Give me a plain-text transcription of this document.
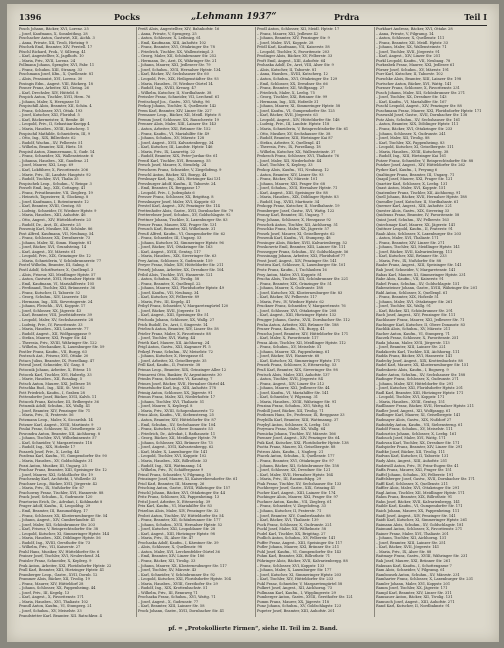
1396	Pocks	„Lehmann 1937“	Prdra	Teil I
Posch Johann, Bäcker, XVI, Lorenz. 25
– Josef, Kaufmann, X, Sonnleithng. 28
Poschacher Anton, Gastwirt, XII, Aichh. 3
– Anna, Private, XII, Tivoli, Hietzing 9
Pöschek Emil, Beamter, XIV, Ferstell. 17
Pöschl Richard, Prok., V, Sillerng. 41
– Karl, Angestellter, X, Jagdhofs. 10
– Maria, Priv., XVII, Lorenz. 24
Pollmann Johann, Spengler, XVI, Fabr. 11
– Franz, Schuhm. XIII, Stranzg. 33
Poschmann Josef, Kfm., X, Quellenstr. 81
– Alois, Pensionist, XVI, Lorenz. 30
Posingis Edm., Angest. VIII, Bäckerg. 18
Posner Franz, Arbeiter, XII, Gieing. 26
– Karl, Drechsler, XIV, Hütteld. 8
Pospich Anton, Tischler, XVII, Hern. 76
– Johann, Maler, X, Herzgasse 15
Pospischill Alois, Beamter, XII, Schön. 4
– Franz, Schlosser, XVI, Ottak. 193
– Josef, Kutscher, XXI, Floridsd. 5
– Karl, Bäckermeister, II, Rembr. 40
– Leopold, Priv., II, Sebastian-Kneipp 4
– Maria, Hausbes., XVIII, Kutscherg. 1
Pospischil Mathilde, Schneiderin, III, 9
– Otto, Ing., XIX, Billrothstr. 62
– Rudolf, Wachm., XV, Felberstr. 51
– Wilhelm, Beamter, XIII, Hietz. 18
Pospisil Anton, Zimmermann, X, Gudr. 14
– Franz, Schneider, XX, Wallensteinstr. 6
– Johanna, Hausbes., XII, Gaudenz. 21
– Josef, Maurer, XXI, Leop. 69
– Karl, Lokführer, X, Favoritenstr. 206
– Marie, Priv., III, Landstr. Hauptstr. 92
– Rudolf, Tischler, XVI, Thalia 35
Pospischek Leop., Schuhm., V, Reinpr. 3
Posselt Emil, Ing., XIX, Cottageg. 41
– Franz, Privatbeamter, VII, Zieglerg. 19
– Heinrich, Tapezierer, II, Glockeng. 8
– Josef, Kaufmann, I, Rotenturmstr. 12
– Karl, Beamter, XVIII, Gentzg. 85
– Ludwig, Schneider, IV, Wiedner Hptstr. 9
– Maria, Hausbes., XIII, Auhofstr. 46
– Otto, Angest., XIV, Hütteldorferstr. 23
– Rudolf, Dr., Arzt, IX, Alserstr. 25
Possenig Karl, Musiker, XII, Schönbr. 86
Post Alfred, Kaufmann, VII, Neubaug. 54
– Franz, Schlosser, XX, Dresdnerstr. 73
– Johann, Maler, XI, Simm. Hauptstr. 81
– Josef, Bäcker, XVI, Grundsteing. 14
– Karl, Angest., XV, Märzstr. 61
– Leopold, Priv., XIX, Grinzinger Str. 12
– Maria, Schneiderin, V, Schönbrunnerstr. 77
Postel Wilhelm, Beamter, III, Salmg. 6
Postl Adolf, Schriftsetzer, X, Quellenpl. 3
– Alois, Friseur, XII, Meidlinger Hptstr. 57
– Anton, Gastwirt, XVII, Hernalser Hptstr. 88
– Emil, Kaufmann, VI, Mariahilferstr. 105
– Ferdinand, Tischler, XXI, Brünnerstr. 36
– Franz, Kutscher, II, Taborstr. 52
– Georg, Schuhm., XIV, Linzerstr. 140
– Hermann, Ing., XIX, Sieveringerstr. 24
– Johann, Fleischh., XVI, Koppstr. 17
– Josef, Schlosser, XX, Jägerstr. 43
– Karl, Beamter, VIII, Josefstädterstr. 39
– Leopold, Maler, XV, Sechshauserstr. 28
– Ludwig, Priv., IV, Favoritenstr. 33
– Maria, Hausbes., XIII, Lainzerstr. 77
– Rudolf, Angest., XII, Wolfganggasse 9
– Stefan, Maurer, XXI, Prager Str. 44
– Theresia, Priv., XVIII, Währinger Str. 122
– Wilhelm, Mechaniker, X, Laxenburger Str. 59
Postler Franz, Kaufm., VII, Burgg. 63
Postrach Ant., Friseur, XVI, Ottakr. 20
Potacs Julius, Beamter, IX, Porzellang. 47
Potesil Josef, Schneider, XV, Gasg. 8
Potocnik Johann, Arbeiter, X, Ettenr. 15
Potocek Karl, Tischler, XVI, Haberlg. 33
– Marie, Hausbes., XII, Rosaliag. 5
Potsch Anton, Maurer, XXI, Jedlesee 18
Potschka Rud., Ing., XIII, St. Veit 62
Pott Friedrich, Kaufm., I, Graben 28
Pottendorfer Josef, Bäcker, XVII, Kalvb. 11
Potucek Franz, Kutscher, III, Erdbergstr. 36
Potuznik Adolf, Schuhm., XX, Wallg. 41
– Josef, Beamter, XIV, Penzinger Str. 71
– Maria, Priv., II, Praterstr. 56
Potzmann Leop., Maler, X, Siccardsb. 14
Potzner Karl, Angest., XVIII, Martinstr. 9
Poulai Franz, Schlosser, XI, Geiselbergstr. 23
Powondra Anton, Beamter, XII, Aichhorng. 8
– Johann, Tischler, XVI, Wilhelminenstr. 57
– Karl, Schneider, V, Margaretenstr. 118
– Rudolf, Ing., XIX, Hofzeile 17
Pozarek Josef, Priv., X, Leebg. 44
Pozdena Karl, Kaufm., VI, Gumpendorfer Str. 90
– Maria, Hausbes., XV, Goldschlagstr. 31
Pozzi Anton, Musiker, III, Ungarg. 25
Prachar Franz, Beamter, XIII, Speisinger Str. 12
– Josef, Maurer, XXI, Schloßhofer Str. 19
Prachensky Karl, Architekt, I, Wollzeile 33
Prachner Leop., Bäcker, XVII, Jörgerstr. 42
– Maria, Priv., IX, Nußdorfer Str. 67
Prachowny Franz, Tischler, XVI, Hasnerstr. 88
Prack Josef, Schuhm., X, Gudrunstr. 120
Praetorius Erich, Dr., Advokat, I, Kohlmarkt 8
Prager Adolf, Kaufm., II, Leopoldsg. 29
– Emil, Beamter, III, Rasumofskyg. 17
– Franz, Schlosser, XX, Klosterneuburger Str. 54
– Johann, Angest., XIV, Cumberlandstr. 41
– Josef, Maler, XII, Schönbrunner Str. 203
– Karl, Friseur, V, Reinprechtsdorfer Str. 38
– Leopold, Kutscher, XI, Simmeringer Hptstr. 144
– Maria, Hausbes., XIX, Döblinger Hptstr. 56
– Rudolf, Ing., XVIII, Gersthofer Str. 73
– Wilhelm, Priv., VII, Kaiserstr. 27
Prahl Hans, Musiker, XV, Hütteldorfer Str. 6
Prainer Josef, Tischler, XVI, Neulerchenf. 34
Praisler Franz, Schneider, X, Keplerg. 9
Prak Anton, Arbeiter, XXI, Floridsdorfer Hptstr. 22
Prall Karl, Beamter, XIII, Hietzinger Hptstr. 41
Pramberger Leop., Gastw., XVII, Dornb. 12
Prammer Alois, Bäcker, XII, Tivolig. 19
– Franz, Maurer, XIV, Hütteldorf 28
– Johann, Schlosser, XX, Pappenheimg. 44
– Josef, Priv., III, Kegelg. 13
– Karl, Angest., X, Favoritenstr. 171
– Maria, Hausbes., XVI, Thaliastr. 102
Prandl Anton, Kaufm., VI, Stumperg. 21
– Josef, Schuhm., XV, Meiselstr. 33
Prandstetter Karl, Beamter, XII, Ratschkyg. 4
Preiß Alois, Angestellter, XIV, Bahnhofstr. 16
– Anna, Private, V, Spengerg. 25
– Anton, Schlosser, X, Leibnizg. 61
– Emil, Kaufmann, XIII, Auhofstr. 102
– Franz, Beamter, XVI, Ottakringer Str. 78
– Friedrich, Tischler, XX, Wallensteinpl. 3
– Georg, Maler, XII, Schönbrunner Str. 252
– Hermann, Dr., Arzt, IX, Währinger Str. 21
– Johann, Maurer, XXI, Jedleseer Str. 79
– Josef, Schuhm., XVII, Hernalser Hptstr. 134
– Karl, Bäcker, XV, Sechshauser Str. 60
– Leopold, Priv., XIX, Heiligenstädter Str. 93
– Maria, Hausbes., IV, Wiedner Gürtel 14
– Rudolf, Ing., XVIII, Kreuzg. 47
– Wilhelm, Kutscher, II, Nordbahnstr. 38
Preissler Franz, Schneider, VII, Lerchenf. 61
Preitschopf Jos., Gastw., XVI, Wattg. 96
Prekop Johann, Tischler, X, Quellenstr. 142
Prem Karl, Beamter, XIV, Linzer Str. 227
Premauer Leop., Bäcker, XII, Meidl. Hptstr. 8
Premm Josef, Schlosser, XX, Rauscherstr. 19
Prenner Alois, Maler, XIII, Lainzer Str. 143
– Anton, Arbeiter, XXI, Brünner Str. 152
– Franz, Kaufm., VI, Mariahilfer Str. 49
– Johann, Schuhm., XV, Märzstr. 128
– Josef, Angest., XVII, Kalvarienbergg. 34
– Karl, Kutscher, III, Landstr. Hptstr. 146
– Maria, Priv., IX, Lazarettg. 22
– Rudolf, Beamter, XIX, Peter-Jordan-Str. 61
Prentl Karl, Tischler, XVI, Brunneng. 55
Presch Josef, Maurer, X, Steudelg. 24
Preschern Franz, Schneider, V, Ziegelofeng. 9
Preschl Anton, Bäcker, XII, Bonyg. 44
Preslmayr Karl, Ing., XIII, Hietzinger Kai 131
Pressburger Adolf, Kaufm., II, Taborstr. 24
– Emil, Beamter, IX, Berggasse 17
– Leopold, Priv., I, Judenplatz 6
Presser Franz, Schlosser, XX, Brigittag. 8
Presslmayer Josef, Maler, XVI, Koppstr. 63
Prestel Karl, Angest., XIV, Penzinger Str. 114
Prettenhofer Alois, Gastw., XVII, Dornbacher Str. 79
Pretterebner Josef, Schuhm., XV, Goldschlagstr. 92
Prettner Johann, Tischler, X, Laxenburger Str. 83
Preuer Franz, Maurer, XXI, Prager Str. 131
Preusch Karl, Beamter, XII, Wilhelmstr. 31
Preuß Alfred, Kaufm., VI, Gumpendorfer Str. 62
– Franz, Schneider, III, Ungarg. 53
– Johann, Kutscher, XI, Simmeringer Hptstr. 96
– Josef, Bäcker, XVI, Ottakringer Str. 163
– Karl, Angest., XVIII, Gentzg. 117
– Maria, Hausbes., XIX, Sieveringer Str. 63
Prey Anton, Schlosser, X, Gudrunstr. 159
Preyer Franz, Maler, XIV, Hütteldorfer Str. 211
Prezelj Johann, Arbeiter, XX, Dresdner Str. 104
Pribil Alois, Tischler, XVI, Hasnerstr. 121
– Anton, Schuhm., XII, Tivolig. 58
– Franz, Beamter, X, Quellenpl. 22
– Johann, Maurer, XXI, Floridsdorfer Hptstr. 49
– Josef, Kaufm., VII, Neubaug. 34
– Karl, Kutscher, XV, Felberstr. 89
– Maria, Priv., III, Kegelg. 41
Pribyl Franz, Schneider, V, Margaretengürtel 120
– Josef, Bäcker, XVII, Jörgerstr. 18
– Karl, Angest., XIII, Speisinger Str. 51
Prichoda Johann, Schlosser, XX, Wallg. 27
Prick Rudolf, Dr., Arzt, I, Singerstr. 14
Priebsch Anton, Beamter, XIV, Linzer Str. 58
Prieler Franz, Maler, X, Favoritenstr. 88
– Josef, Tischler, XVI, Wattg. 44
Prieth Karl, Maurer, XII, Aichhorng. 24
Prigl Anton, Gastw., XXI, Kagraner Pl. 5
Prikryl Franz, Schuhm., XV, Meiselstr. 72
– Johann, Kutscher, X, Herzgasse 61
– Josef, Arbeiter, XI, Geiselbergstr. 35
Prill Karl, Kaufm., II, Praterstr. 38
Primas Leop., Beamter, XIX, Grinzinger Allee 12
Primavesi Otto, Bankier, IV, Argentinierstr. 30
Primbs Franz, Schneider, VI, Kaunitzg. 7
Primes Josef, Bäcker, XVII, Hernalser Gürtel 44
Primetshofer Karl, Ing., XIII, Auhofstr. 178
Primig Anton, Schlosser, XX, Jägerstr. 91
Primus Franz, Maler, XII, Niederhofstr. 17
– Johann, Tischler, XVI, Thaliastr. 51
– Josef, Maurer, X, Keplerpl. 8
– Maria, Priv., XVIII, Schopenhauerstr. 72
Prinz Alois, Kaufm., VII, Siebensterng. 25
– Anton, Beamter, XIV, Hütteldorfer Str. 87
– Emil, Schuhm., XV, Sechshauser Str. 104
– Franz, Kutscher, II, Obere Donaustr. 53
– Friedrich, Dr., Advokat, I, Rathausstr. 11
– Georg, Bäcker, XII, Meidlinger Hptstr. 79
– Johann, Schlosser, XXI, Brünner Str. 73
– Josef, Angest., XVII, Kalvarienbergg. 62
– Karl, Maler, X, Laxenburger Str. 141
– Leopold, Tischler, XVI, Koppstr. 102
– Maria, Hausbes., XIX, Billrothstr. 33
– Rudolf, Ing., XIII, Wattmanng. 14
– Wilhelm, Priv., IV, Schäffergasse 9
Prinzl Franz, Schneider, V, Pilgramg. 18
Prinzinger Josef, Maurer, XI, Kaiserebersdorfer Str. 61
Priol Karl, Beamter, III, Marxerg. 26
Prisching Anton, Gastw., XVIII, Währinger Str. 157
Prischl Johann, Bäcker, XVI, Ottakringer Str. 44
Pritz Franz, Schlosser, XX, Pappenheimg. 13
Pritzl Josef, Arbeiter, X, Ettenreichg. 39
Prix Karl, Kaufm., VI, Mariahilfer Str. 83
Prizelius Alois, Maler, XIV, Penzinger Str. 32
Probst Anton, Tischler, XV, Hütteldorfer Str. 54
– Franz, Beamter, XII, Schönbrunner Str. 177
– Johann, Schuhm., XVII, Hernalser Hptstr. 52
– Josef, Kutscher, XXI, Leopoldauer Str. 28
– Karl, Angest., XIII, Hietzinger Hptstr. 98
– Maria, Priv., IX, Alser Str. 47
Prochaska Adolf, Kaufm., I, Kärntner Str. 39
– Alois, Schlosser, X, Quellenstr. 98
– Anton, Maler, XVI, Lerchenfelder Gürtel 36
– Emil, Beamter, XIV, Linzer Str. 186
– Franz, Bäcker, XII, Tivolig. 33
– Johann, Maurer, XX, Klosterneuburger Str. 117
– Josef, Tischler, XV, Märzstr. 43
– Karl, Schneider, V, Schönbrunner Str. 92
– Leopold, Kutscher, XXI, Floridsdorfer Hptstr. 104
– Maria, Hausbes., XVIII, Gersthofer Str. 29
– Rudolf, Ing., XIX, Krottenbachstr. 51
– Wilhelm, Priv., III, Rennweg 71
Prochazka Franz, Schuhm., XVI, Wattg. 71
– Josef, Angest., X, Gudrunstr. 77
– Karl, Beamter, XIII, Lainzer Str. 58
Prock Johann, Gastw., XVII, Dornbacher Str. 41
Prodl Anton, Schlosser, XII, Meidl. Hptstr. 17
– Franz, Maurer, XXI, Jedlesee 42
– Johann, Beamter, XIV, Penzinger Str. 9
– Josef, Maler, XVI, Koppstr. 28
Prödl Karl, Kaufmann, VII, Kaiserstr. 58
– Leopold, Tischler, X, Favoritenstr. 203
Prodinger Alois, Bäcker, XV, Felberstr. 33
Proft Emil, Angest., XIII, Auhofstr. 64
Prohaska Adolf, Dr., Arzt, VIII, Alser Str. 9
– Alois, Kutscher, II, Taborstr. 81
– Anna, Hausbes., XVIII, Kutscherg. 12
– Anton, Schuhm., XVI, Ottakringer Str. 129
– Emil, Schlosser, XX, Dresdner Str. 66
– Franz, Beamter, XII, Wolfgangg. 27
– Friedrich, Maler, X, Leebg. 75
– Georg, Tischler, XXI, Brünner Str. 99
– Hermann, Ing., XIX, Hofzeile 31
– Johann, Maurer, XI, Simmeringer Hptstr. 58
– Josef, Kaufm., VI, Gumpendorfer Str. 125
– Karl, Bäcker, XVII, Jörgerstr. 63
– Leopold, Angest., XIV, Hütteldorfer Str. 148
– Ludwig, Priv., III, Landstr. Hptstr. 118
– Maria, Schneiderin, V, Reinprechtsdorfer Str. 61
– Otto, Musiker, XV, Sechshauser Str. 38
– Rudolf, Beamter, XIII, Hietzinger Kai 87
– Stefan, Arbeiter, X, Quellenpl. 41
– Theresia, Priv., IX, Porzellang. 18
– Wilhelm, Kutscher, XX, Wallensteinstr. 37
Prokesch Franz, Schlosser, XVI, Thaliastr. 76
– Josef, Maler, XII, Niederhofstr. 44
– Karl, Tischler, X, Keplerg. 33
Prokop Alois, Kaufm., VII, Neubaug. 12
– Anton, Beamter, XIV, Linzer Str. 93
– Franz, Bäcker, XV, Märzstr. 101
– Johann, Maurer, XXI, Prager Str. 68
– Josef, Schuhm., XVII, Hernalser Hptstr. 71
– Karl, Angest., XIII, Speisinger Str. 88
– Maria, Hausbes., XIX, Döblinger Hptstr. 83
– Rudolf, Ing., XVIII, Martinstr. 34
Prokopp Franz, Kutscher, II, Nordbahnstr. 19
Promberger Josef, Gastw., XVI, Wattg. 122
Pronay Karl, Beamter, III, Ungarg. 7
Prop Johann, Schlosser, X, Herzgasse 92
Proschek Anton, Tischler, XII, Aichhorng. 51
Proschko Franz, Maler, XX, Jägerstr. 57
Prosek Josef, Maurer, XI, Geiselbergstr. 62
Prosenik Karl, Kaufm., VI, Stumperg. 48
Prosinger Alois, Bäcker, XVII, Kalvarienbergg. 52
Proskowetz Emil, Beamter, XIII, Lainzer Str. 111
Prossegger Franz, Schuhm., XV, Goldschlagstr. 56
Prossinagg Johann, Arbeiter, XXI, Floridsdorf 77
Prost Josef, Angest., XIV, Penzinger Str. 141
Protiwa Karl, Schlosser, X, Laxenburger Str. 101
Protz Franz, Kaufm., I, Tuchlauben 16
Proy Anton, Maler, XVI, Koppstr. 81
Prucha Alois, Tischler, XII, Schönbrunner Str. 221
– Franz, Beamter, XIX, Grinzinger Str. 51
– Johann, Maurer, X, Gudrunstr. 188
– Josef, Kutscher, XX, Klosterneuburger Str. 83
– Karl, Bäcker, XV, Felberstr. 117
– Maria, Priv., IV, Wiedner Hptstr. 62
Pruckner Franz, Schneider, V, Margaretenstr. 76
– Josef, Schlosser, XVI, Ottakringer Str. 208
– Karl, Angest., XIII, Hietzinger Hptstr. 132
Prugger Johann, Gastw., XVII, Dornbacher Str. 112
Pruha Anton, Arbeiter, XXI, Brünner Str. 188
Pruner Franz, Kaufm., VII, Burgg. 41
Pruscha Josef, Beamter, XIV, Hütteldorfer Str. 171
– Karl, Maler, X, Favoritenstr. 117
Prusa Alois, Tischler, XII, Meidlinger Hptstr. 112
– Franz, Schuhm., XV, Meiselstr. 51
– Johann, Maurer, XX, Pappenheimg. 61
– Josef, Bäcker, XVI, Hasnerstr. 68
– Karl, Kutscher, XI, Simmeringer Hptstr. 171
Prusek Franz, Schlosser, X, Ettenreichg. 53
Pruß Karl, Beamter, XIX, Sieveringer Str. 98
Prutsch Alois, Maler, XIII, Auhofstr. 137
– Anton, Tischler, XVII, Jörgerstr. 84
– Franz, Angest., XIV, Linzer Str. 212
– Johann, Maurer, XXI, Jedleseer Str. 44
– Josef, Kaufm., VI, Mariahilfer Str. 141
– Karl, Schneider, V, Pilgramg. 31
– Maria, Hausbes., XVIII, Währinger Str. 91
Pruzina Franz, Schuhm., XVI, Wattg. 84
Przibill Josef, Bäcker, XII, Tivolig. 71
Przibram Hans, Dr., Professor, IX, Berggasse 33
Przybilla Karl, Beamter, XIII, Wattmanng. 37
Przybyl Anton, Schlosser, X, Leebg. 103
Przywara Franz, Maler, XX, Wallg. 64
Psenicka Johann, Tischler, XV, Märzstr. 166
Psenner Josef, Angest., XIV, Penzinger Str. 64
Psik Karl, Kutscher, XXI, Floridsdorfer Hptstr. 138
Psotta Franz, Maurer, XI, Geiselbergstr. 88
Pstross Alois, Kaufm., I, Naglerg. 21
Ptacek Anton, Schuhm., X, Quellenstr. 177
– Franz, Beamter, XVI, Ottakringer Str. 97
– Johann, Bäcker, XII, Schönbrunner Str. 158
– Josef, Schlosser, XX, Dresdner Str. 121
– Karl, Maler, XVII, Hernalser Hptstr. 164
– Maria, Priv., III, Rasumofskyg. 29
Ptak Franz, Tischler, XV, Sechshauser Str. 133
Puchberger Josef, Gastw., XIX, Grinzing 41
Pucher Karl, Angest., XIII, Lainzer Str. 174
Puchinger Alois, Maurer, XXI, Prager Str. 97
Puchner Anton, Kaufm., VII, Zieglerg. 61
– Franz, Schneider, V, Ziegelofeng. 33
– Johann, Kutscher, II, Praterstr. 71
– Josef, Beamter, XIV, Cumberlandstr. 88
– Karl, Bäcker, XVI, Thaliastr. 139
Puck Franz, Schlosser, X, Gudrunstr. 221
Puckl Josef, Maler, XII, Wilhelmstr. 58
Pudel Karl, Tischler, XX, Brigittag. 27
Pudlich Anton, Schuhm., XV, Felberstr. 141
Puffer Franz, Angest., XIII, Speisinger Str. 117
Pufler Johann, Maurer, XXI, Brünner Str. 211
Puhl Josef, Kaufm., VI, Gumpendorfer Str. 143
Puhm Karl, Beamter, XIX, Billrothstr. 71
Pühringer Alois, Bäcker, XVII, Kalvarienbergg. 88
– Franz, Schlosser, XVI, Koppstr. 133
– Johann, Maler, X, Laxenburger Str. 177
– Josef, Kutscher, XI, Simmeringer Hptstr. 203
– Karl, Tischler, XIV, Hütteldorfer Str. 233
Pukl Franz, Schneider, V, Margaretengürtel 58
Pulkert Josef, Angest., XII, Aichhorng. 73
Pullmann Karl, Kaufm., I, Wipplingerstr. 29
Pumberger Anton, Gastw., XVIII, Gersthofer Str. 121
Pumm Franz, Maurer, XX, Jägerstr. 118
Punz Johann, Schuhm., XV, Goldschlagstr. 123
Pupeter Josef, Beamter, XIII, Auhofstr. 201
Purkhart Andreas, Bäcker, XVI, Ottakr. 28
– Anna, Private, V, Pilgramg. 14
– Anton, Schlosser, X, Quellenstr. 111
– Franz, Beamter, XII, Meidl. Hptstr. 33
– Johann, Maler, XX, Wallensteinstr. 71
– Josef, Tischler, XVII, Jörgerstr. 91
– Karl, Angest., XIV, Linzer Str. 251
Purkl Leopold, Kaufm., VII, Neubaug. 78
Purkrabek Franz, Maurer, XXI, Jedlesee 61
Pürner Josef, Schuhm., XV, Märzstr. 191
Purr Karl, Kutscher, II, Taborstr. 102
Purschke Alois, Beamter, XIII, Lainzer Str. 198
Purtscher Anton, Bäcker, XVI, Wattg. 141
Purzner Franz, Schlosser, X, Favoritenstr. 231
Pusch Johann, Maler, XII, Schönbrunner Str. 271
– Josef, Tischler, XX, Dresdner Str. 143
– Karl, Kaufm., VI, Mariahilfer Str. 167
Puschl Leopold, Angest., XIV, Penzinger Str. 88
Puschmann Franz, Maurer, XXI, Floridsdorfer Hptstr. 171
Pusswald Josef, Gastw., XVII, Dornbacher Str. 138
Putz Alois, Schuhm., XV, Sechshauser Str. 161
– Anton, Beamter, XIX, Döblinger Hptstr. 111
– Franz, Bäcker, XVI, Ottakringer Str. 233
– Johann, Schlosser, X, Gudrunstr. 241
– Josef, Maler, XII, Tivolig. 88
– Karl, Tischler, XX, Pappenheimg. 83
– Leopold, Kutscher, XI, Geiselbergstr. 111
– Maria, Hausbes., XVIII, Kutscherg. 38
– Rudolf, Ing., XIII, Hietzinger Kai 161
Putzer Franz, Schneider, V, Reinprechtsdorfer Str. 88
Putzker Josef, Angest., XIV, Hütteldorfer Str. 262
Pyrker Karl, Kaufm., I, Freyung 6
Qualtinger Franz, Beamter, III, Ungarg. 71
Quapil Josef, Maurer, XXI, Prager Str. 121
Quartier Karl, Schlosser, X, Leebg. 131
Quast Anton, Maler, XVI, Koppstr. 151
Quatember Franz, Tischler, XII, Aichhorng. 91
Quell Johann, Bäcker, XVII, Hernalser Hptstr. 188
Quendler Josef, Kutscher, II, Nordbahnstr. 61
Querner Karl, Angest., XIII, Auhofstr. 221
Quester Alois, Gastw., XIX, Sievering 33
Quidenus Franz, Beamter, IV, Favoritenstr. 58
Quint Josef, Schuhm., XV, Felberstr. 163
Quirchmayr Karl, Maurer, XX, Jägerstr. 141
Quittner Leopold, Kaufm., II, Praterstr. 91
Raab Alois, Schlosser, X, Laxenburger Str. 203
– Anton, Maler, XVI, Thaliastr. 171
– Franz, Beamter, XIV, Linzer Str. 271
– Johann, Tischler, XII, Meidlinger Hptstr. 141
– Josef, Bäcker, XVII, Kalvarienbergg. 111
– Karl, Kutscher, XXI, Brünner Str. 233
– Maria, Priv., IX, Nußdorfer Str. 88
Raabe Franz, Angest., XIII, Speisinger Str. 141
Rab Josef, Schneider, V, Margaretenstr. 141
Rabas Karl, Maurer, XI, Simmeringer Hptstr. 231
Rabe Alois, Kaufm., VII, Kaiserstr. 91
Rabel Franz, Schuhm., XV, Goldschlagstr. 151
Rabensteiner Johann, Gastw., XVIII, Währinger Str. 201
Rabl Anton, Schlosser, X, Quellenpl. 61
– Franz, Beamter, XIX, Hofzeile 51
– Johann, Maler, XVI, Ottakringer Str. 261
– Josef, Tischler, XX, Wallg. 91
– Karl, Bäcker, XII, Schönbrunner Str. 291
Rach Josef, Angest., XIV, Penzinger Str. 111
Rachbauer Franz, Maurer, XXI, Jedleseer Str. 71
Rachinger Karl, Kutscher, II, Obere Donaustr. 83
Rachlik Alois, Schuhm., XV, Märzstr. 211
Racher Anton, Kaufm., VI, Stumperg. 71
Raczek Franz, Schlosser, X, Favoritenstr. 251
Rada Johann, Maler, XVII, Jörgerstr. 113
– Josef, Beamter, XIII, Lainzer Str. 221
Radakovits Karl, Tischler, XII, Aichhorng. 111
Radda Franz, Bäcker, XVI, Hasnerstr. 141
Radecky Josef, Angest., XIX, Krottenbachstr. 88
Radel Karl, Maurer, XX, Klosterneuburger Str. 151
Radenkovic Alois, Kaufm., I, Bognerg. 9
Rader Anton, Schuhm., XV, Sechshauser Str. 188
Radinger Franz, Schlosser, X, Gudrunstr. 271
– Johann, Maler, XIV, Hütteldorfer Str. 291
– Josef, Kutscher, XXI, Floridsdorfer Hptstr. 201
Radl Karl, Beamter, XIII, Hietzinger Hptstr. 171
– Leopold, Tischler, XVI, Koppstr. 171
– Maria, Hausbes., XVIII, Gentzg. 151
Radlbauer Franz, Bäcker, XVII, Hernalser Hptstr. 211
Radler Josef, Angest., XII, Wolfgangg. 61
Radlinger Karl, Maurer, XI, Geiselbergstr. 141
Radmayer Alois, Gastw., XIX, Nußdorf 27
Radnitzky Anton, Kaufm., VII, Siebensterng. 61
Radolf Franz, Schuhm., XV, Meiselstr. 111
Radosztics Johann, Schlosser, X, Leebg. 161
Radouch Josef, Maler, XVI, Wattg. 171
Radovan Karl, Tischler, XX, Dresdner Str. 171
Radspieler Franz, Beamter, XIV, Linzer Str. 291
Radtke Josef, Bäcker, XII, Tivolig. 111
Radvan Karl, Kutscher, II, Taborstr. 131
Rady Alois, Angest., XIII, Auhofstr. 251
Radziwill Anton, Priv., IV, Prinz-Eugen-Str. 41
Raffa Franz, Maurer, XXI, Prager Str. 151
Raffel Johann, Schuhm., XV, Felberstr. 191
Raffelsberger Josef, Gastw., XVII, Dornbacher Str. 171
Raffl Karl, Schlosser, X, Quellenstr. 211
Raffler Alois, Maler, XVI, Ottakringer Str. 291
Ragl Anton, Tischler, XII, Meidlinger Hptstr. 171
Rahm Franz, Beamter, XIX, Billrothstr. 91
Rahn Josef, Bäcker, XVII, Kalvarienbergg. 141
Raible Karl, Kaufm., VI, Gumpendorfer Str. 171
Raich Johann, Maurer, XX, Pappenheimg. 111
Raidl Josef, Angest., XIV, Penzinger Str. 141
Raidt Karl, Kutscher, XI, Simmeringer Hptstr. 261
Raimann Alois, Schuhm., XV, Goldschlagstr. 181
Raimund Anton, Schlosser, X, Favoritenstr. 271
Rainer Franz, Maler, XVI, Thaliastr. 201
– Johann, Tischler, XII, Aichhorng. 131
– Josef, Beamter, XIII, Lainzer Str. 251
– Karl, Bäcker, XVII, Jörgerstr. 141
– Maria, Priv., IX, Alser Str. 88
Raitmayr Franz, Gastw., XVIII, Währinger Str. 231
Rak Josef, Maurer, XXI, Brünner Str. 261
Rakusan Karl, Kaufm., I, Schottengasse 7
Ram Alois, Schneider, V, Pilgramg. 61
Rambousek Anton, Schuhm., XV, Märzstr. 231
Ramharter Franz, Schlosser, X, Laxenburger Str. 231
Ramler Johann, Maler, XVI, Koppstr. 201
Ramm Josef, Tischler, XX, Jägerstr. 171
Rampl Karl, Beamter, XIV, Linzer Str. 311
Ramsauer Anton, Bäcker, XII, Tivolig. 131
Ramusch Josef, Angest., XIII, Auhofstr. 271
Rand Karl, Kutscher, II, Nordbahnstr. 91
pf. = „Protokollierte Firmen“, siehe II. Teil im 2. Band.
